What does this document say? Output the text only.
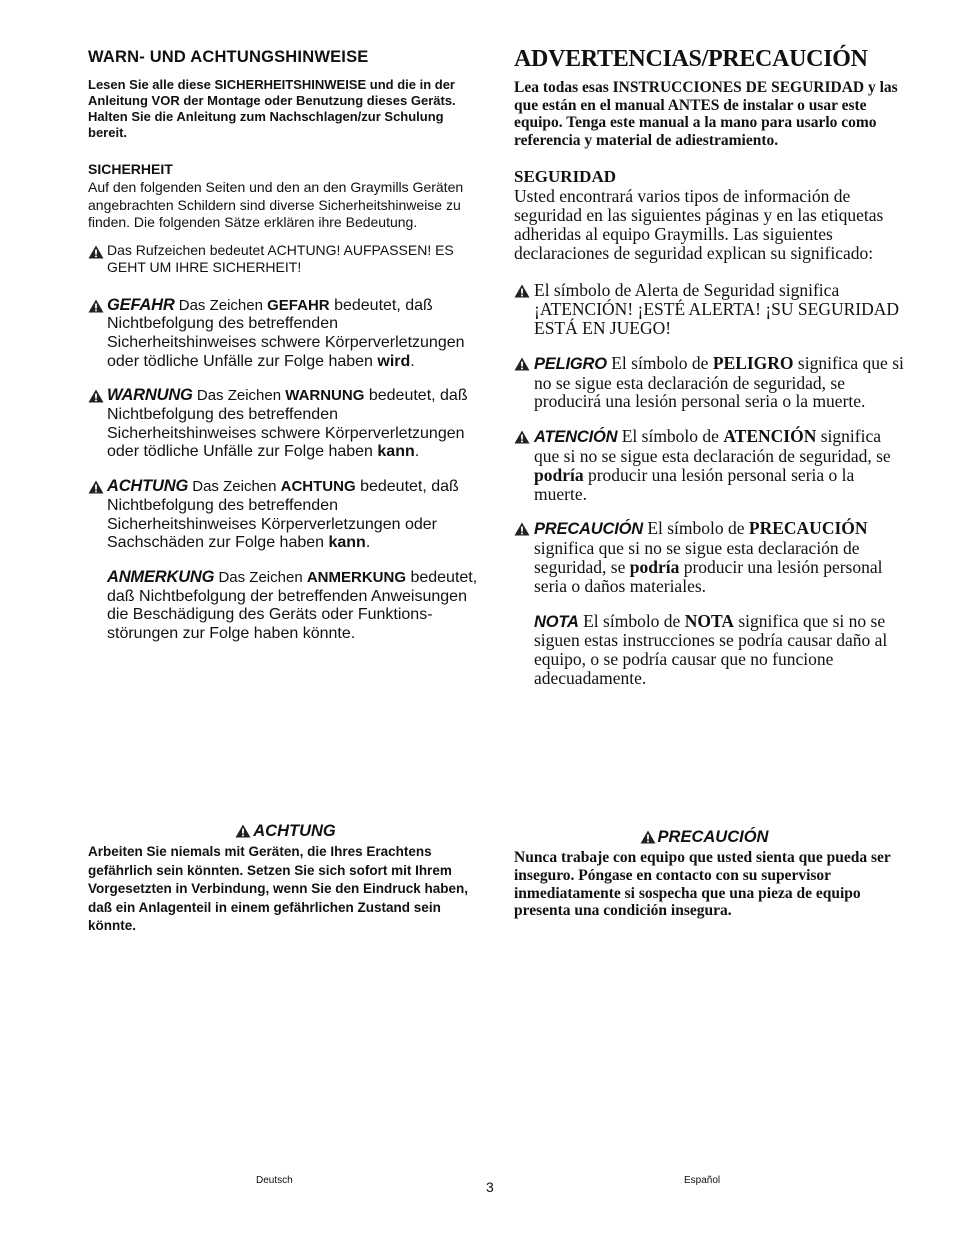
WARN- UND ACHTUNGSHINWEISE
Lesen Sie alle diese SICHERHEITSHINWEISE und die in der Anleitung VOR der Montage oder Benutzung dieses Geräts. Halten Sie die Anleitung zum Nachschlagen/zur Schulung bereit.
SICHERHEIT
Auf den folgenden Seiten und den an den Graymills Geräten angebrachten Schildern sind diverse Sicherheitshinweise zu finden. Die folgenden Sätze erklären ihre Bedeutung.
Das Rufzeichen bedeutet ACHTUNG! AUFPASSEN! ES GEHT UM IHRE SICHERHEIT!
GEFAHR Das Zeichen GEFAHR bedeutet, daß Nichtbefolgung des betreffenden Sicherheitshinweises schwere Körperverletzungen oder tödliche Unfälle zur Folge haben wird.
WARNUNG Das Zeichen WARNUNG bedeutet, daß Nichtbefolgung des betreffenden Sicherheitshinweises schwere Körperverletzungen oder tödliche Unfälle zur Folge haben kann.
ACHTUNG Das Zeichen ACHTUNG bedeutet, daß Nichtbefolgung des betreffenden Sicherheitshinweises Körperverletzungen oder Sachschäden zur Folge haben kann.
ANMERKUNG Das Zeichen ANMERKUNG bedeutet, daß Nichtbefolgung der betreffenden Anweisungen die Beschädigung des Geräts oder Funktions-störungen zur Folge haben könnte.
ADVERTENCIAS/PRECAUCIÓN
Lea todas esas INSTRUCCIONES DE SEGURIDAD y las que están en el manual ANTES de instalar o usar este equipo. Tenga este manual a la mano para usarlo como referencia y material de adiestramiento.
SEGURIDAD
Usted encontrará varios tipos de información de seguridad en las siguientes páginas y en las etiquetas adheridas al equipo Graymills. Las siguientes declaraciones de seguridad explican su significado:
El símbolo de Alerta de Seguridad significa ¡ATENCIÓN! ¡ESTÉ ALERTA! ¡SU SEGURIDAD ESTÁ EN JUEGO!
PELIGRO El símbolo de PELIGRO significa que si no se sigue esta declaración de seguridad, se producirá una lesión personal seria o la muerte.
ATENCIÓN El símbolo de ATENCIÓN significa que si no se sigue esta declaración de seguridad, se podría producir una lesión personal seria o la muerte.
PRECAUCIÓN El símbolo de PRECAUCIÓN significa que si no se sigue esta declaración de seguridad, se podría producir una lesión personal seria o daños materiales.
NOTA El símbolo de NOTA significa que si no se siguen estas instrucciones se podría causar daño al equipo, o se podría causar que no funcione adecuadamente.
ACHTUNG
Arbeiten Sie niemals mit Geräten, die Ihres Erachtens gefährlich sein könnten. Setzen Sie sich sofort mit Ihrem Vorgesetzten in Verbindung, wenn Sie den Eindruck haben, daß ein Anlagenteil in einem gefährlichen Zustand sein könnte.
PRECAUCIÓN
Nunca trabaje con equipo que usted sienta que pueda ser inseguro. Póngase en contacto con su supervisor inmediatamente si sospecha que una pieza de equipo presenta una condición insegura.
Deutsch	3	Español
